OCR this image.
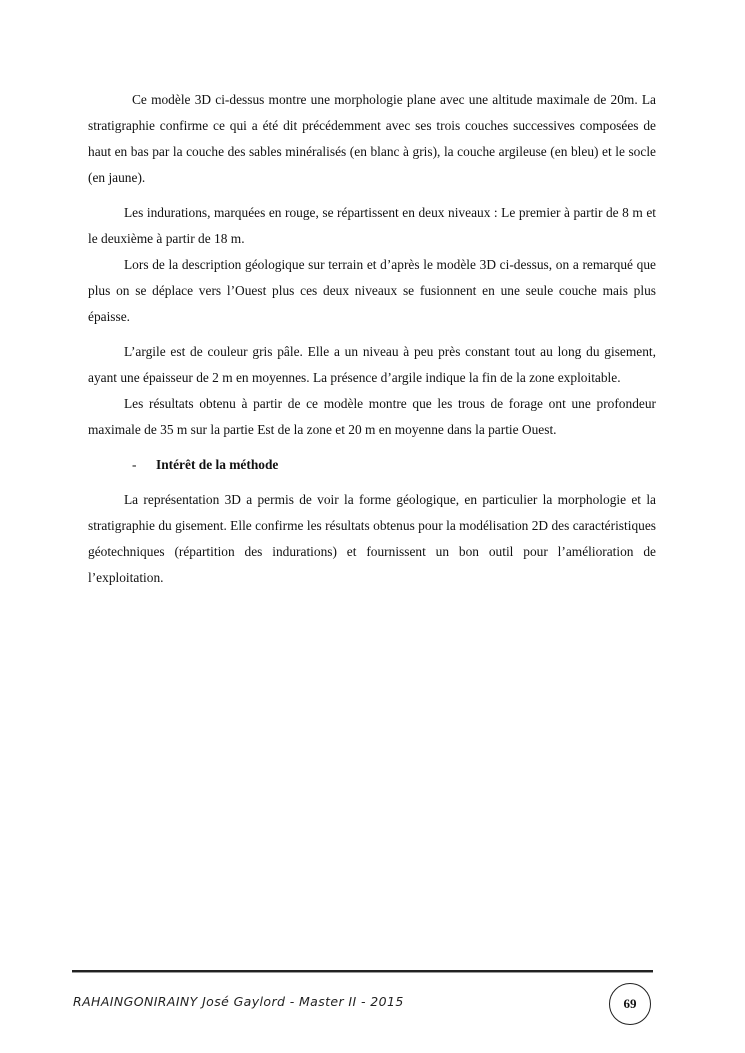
Ce modèle 3D ci-dessus montre une morphologie plane avec une altitude maximale de 20m. La stratigraphie confirme ce qui a été dit précédemment avec ses trois couches successives composées de haut en bas par la couche des sables minéralisés (en blanc à gris), la couche argileuse (en bleu) et le socle (en jaune).

Les indurations, marquées en rouge, se répartissent en deux niveaux : Le premier à partir de 8 m et le deuxième à partir de 18 m.

Lors de la description géologique sur terrain et d’après le modèle 3D ci-dessus, on a remarqué que plus on se déplace vers l’Ouest plus ces deux niveaux se fusionnent en une seule couche mais plus épaisse.

L’argile est de couleur gris pâle. Elle a un niveau à peu près constant tout au long du gisement, ayant une épaisseur de 2 m en moyennes. La présence d’argile indique la fin de la zone exploitable.

Les résultats obtenu à partir de ce modèle montre que les trous de forage ont une profondeur maximale de 35 m sur la partie Est de la zone et 20 m en moyenne dans la partie Ouest.

- Intérêt de la méthode

La représentation 3D a permis de voir la forme géologique, en particulier la morphologie et la stratigraphie du gisement. Elle confirme les résultats obtenus pour la modélisation 2D des caractéristiques géotechniques (répartition des indurations) et fournissent un bon outil pour l’amélioration de l’exploitation.

RAHAINGONIRAINY José Gaylord - Master II - 2015	69
